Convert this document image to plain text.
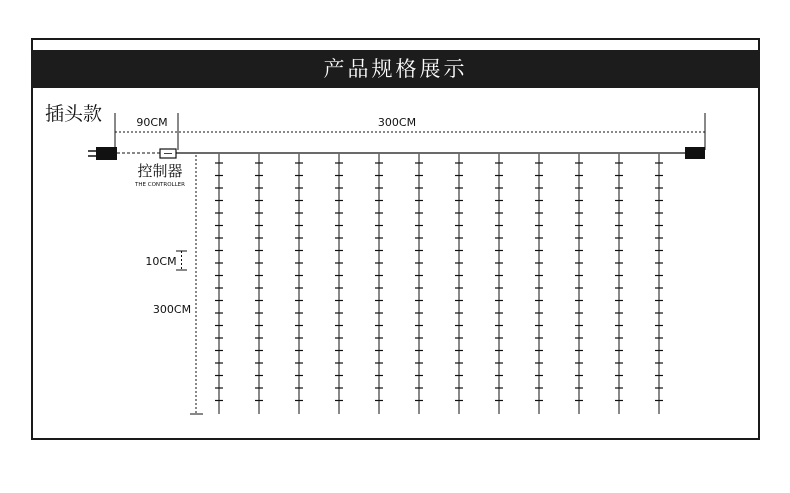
产品规格展示
插头款	90CM	300CM
控制器
THE CONTROLLER
300CM
10CM
